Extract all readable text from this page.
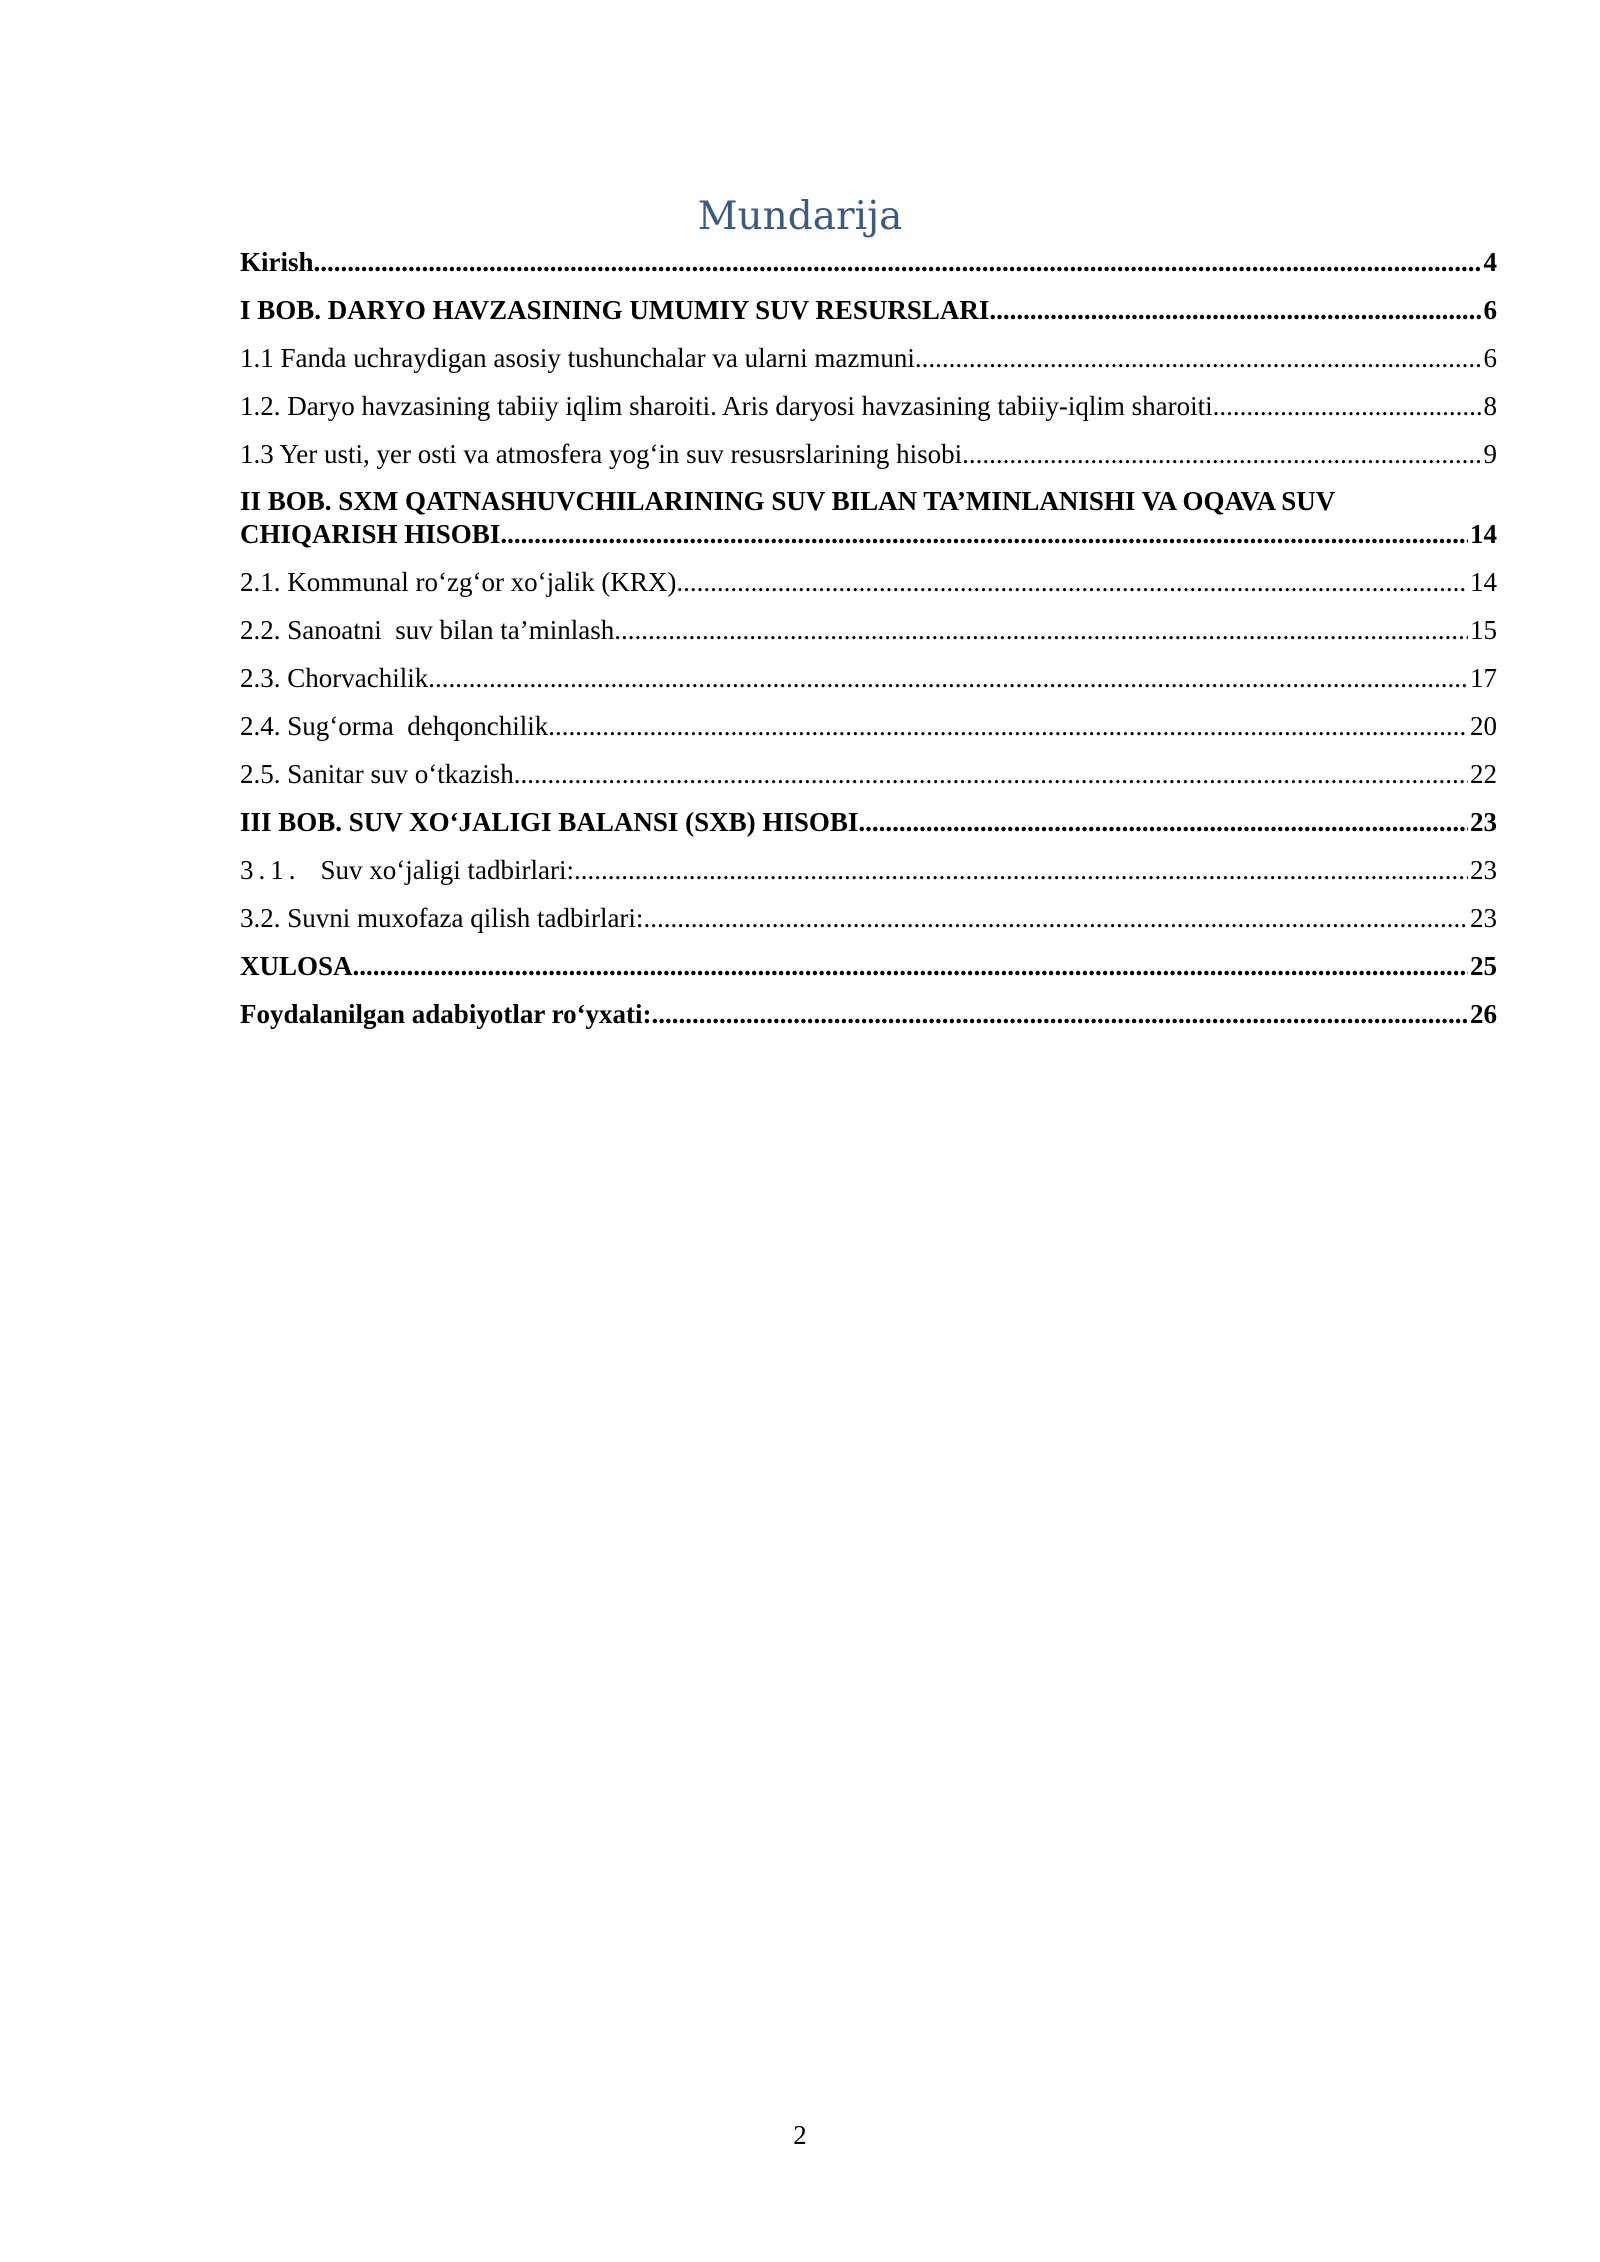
Mundarija
Kirish .....	4
I BOB. DARYO HAVZASINING UMUMIY SUV RESURSLARI .....	6
1.1 Fanda uchraydigan asosiy tushunchalar va ularni mazmuni .....	6
1.2. Daryo havzasining tabiiy iqlim sharoiti. Aris daryosi havzasining tabiiy-iqlim sharoiti .....	8
1.3 Yer usti, yer osti va atmosfera yog‘in suv resusrslarining hisobi .....	9
II BOB. SXM QATNASHUVCHILARINING SUV BILAN TA’MINLANISHI VA OQAVA SUV
CHIQARISH HISOBI .....	14
2.1. Kommunal ro‘zg‘or xo‘jalik (KRX) .....	14
2.2. Sanoatni  suv bilan ta’minlash .....	15
2.3. Chorvachilik .....	17
2.4. Sug‘orma  dehqonchilik .....	20
2.5. Sanitar suv o‘tkazish .....	22
III BOB. SUV XO‘JALIGI BALANSI (SXB) HISOBI .....	23
3.1. Suv xo‘jaligi tadbirlari: .....	23
3.2. Suvni muxofaza qilish tadbirlari: .....	23
XULOSA .....	25
Foydalanilgan adabiyotlar ro‘yxati: .....	26

2
